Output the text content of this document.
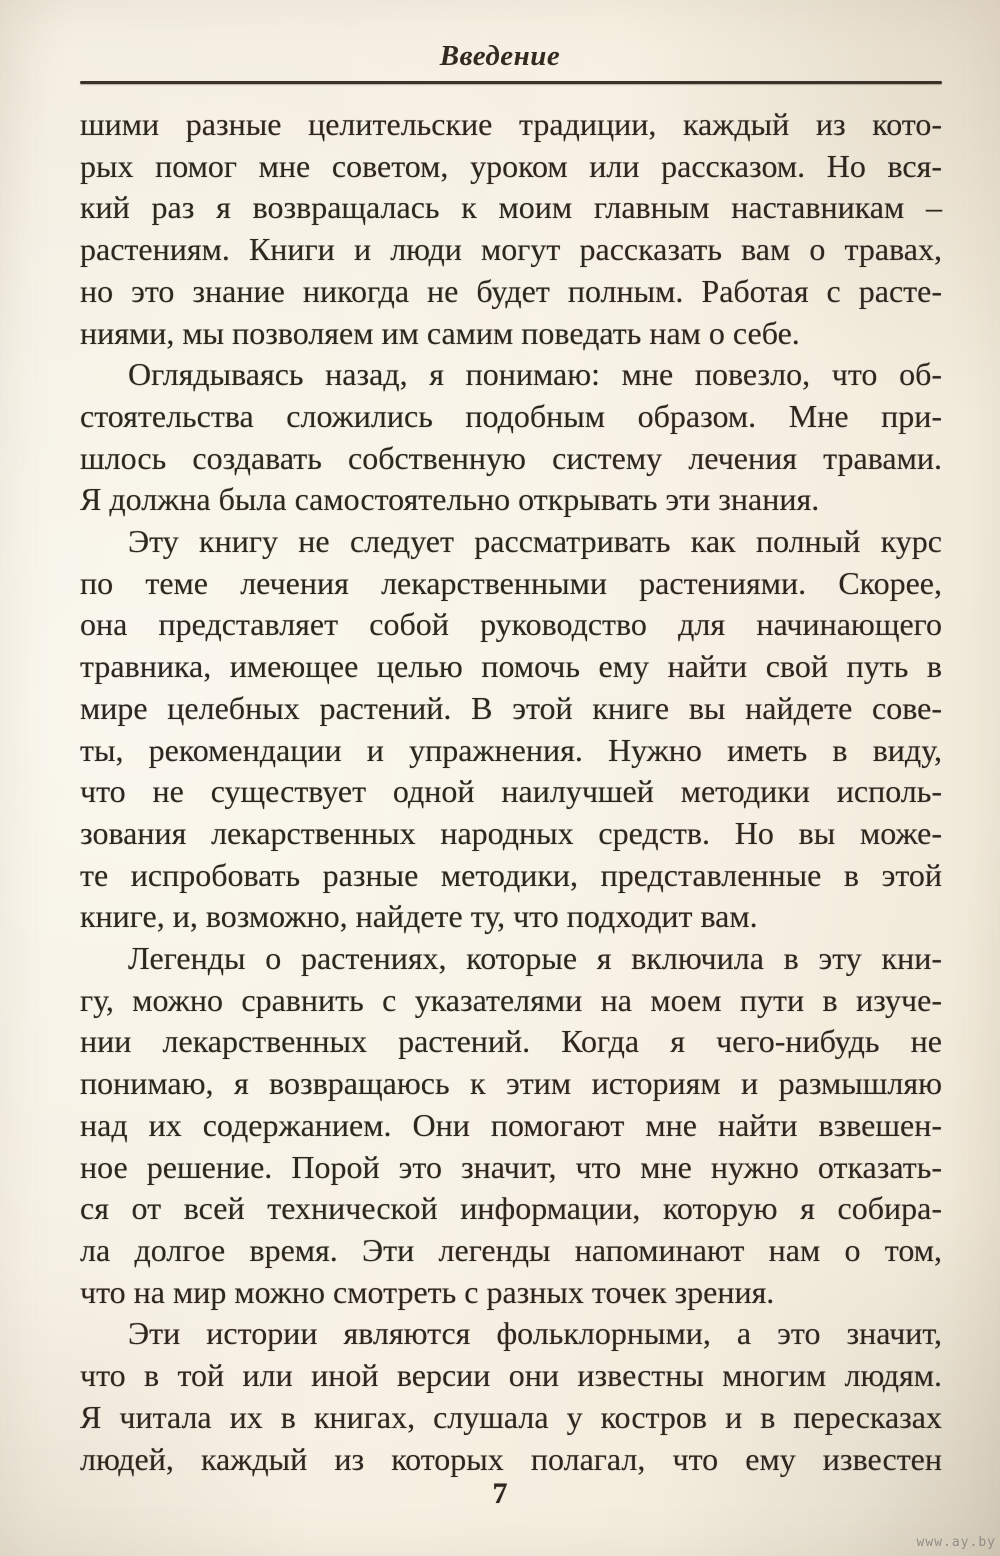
Введение
шими разные целительские традиции, каждый из кото-
рых помог мне советом, уроком или рассказом. Но вся-
кий раз я возвращалась к моим главным наставникам –
растениям. Книги и люди могут рассказать вам о травах,
но это знание никогда не будет полным. Работая с расте-
ниями, мы позволяем им самим поведать нам о себе.
Оглядываясь назад, я понимаю: мне повезло, что об-
стоятельства сложились подобным образом. Мне при-
шлось создавать собственную систему лечения травами.
Я должна была самостоятельно открывать эти знания.
Эту книгу не следует рассматривать как полный курс
по теме лечения лекарственными растениями. Скорее,
она представляет собой руководство для начинающего
травника, имеющее целью помочь ему найти свой путь в
мире целебных растений. В этой книге вы найдете сове-
ты, рекомендации и упражнения. Нужно иметь в виду,
что не существует одной наилучшей методики исполь-
зования лекарственных народных средств. Но вы може-
те испробовать разные методики, представленные в этой
книге, и, возможно, найдете ту, что подходит вам.
Легенды о растениях, которые я включила в эту кни-
гу, можно сравнить с указателями на моем пути в изуче-
нии лекарственных растений. Когда я чего-нибудь не
понимаю, я возвращаюсь к этим историям и размышляю
над их содержанием. Они помогают мне найти взвешен-
ное решение. Порой это значит, что мне нужно отказать-
ся от всей технической информации, которую я собира-
ла долгое время. Эти легенды напоминают нам о том,
что на мир можно смотреть с разных точек зрения.
Эти истории являются фольклорными, а это значит,
что в той или иной версии они известны многим людям.
Я читала их в книгах, слушала у костров и в пересказах
людей, каждый из которых полагал, что ему известен
7
www.ay.by
